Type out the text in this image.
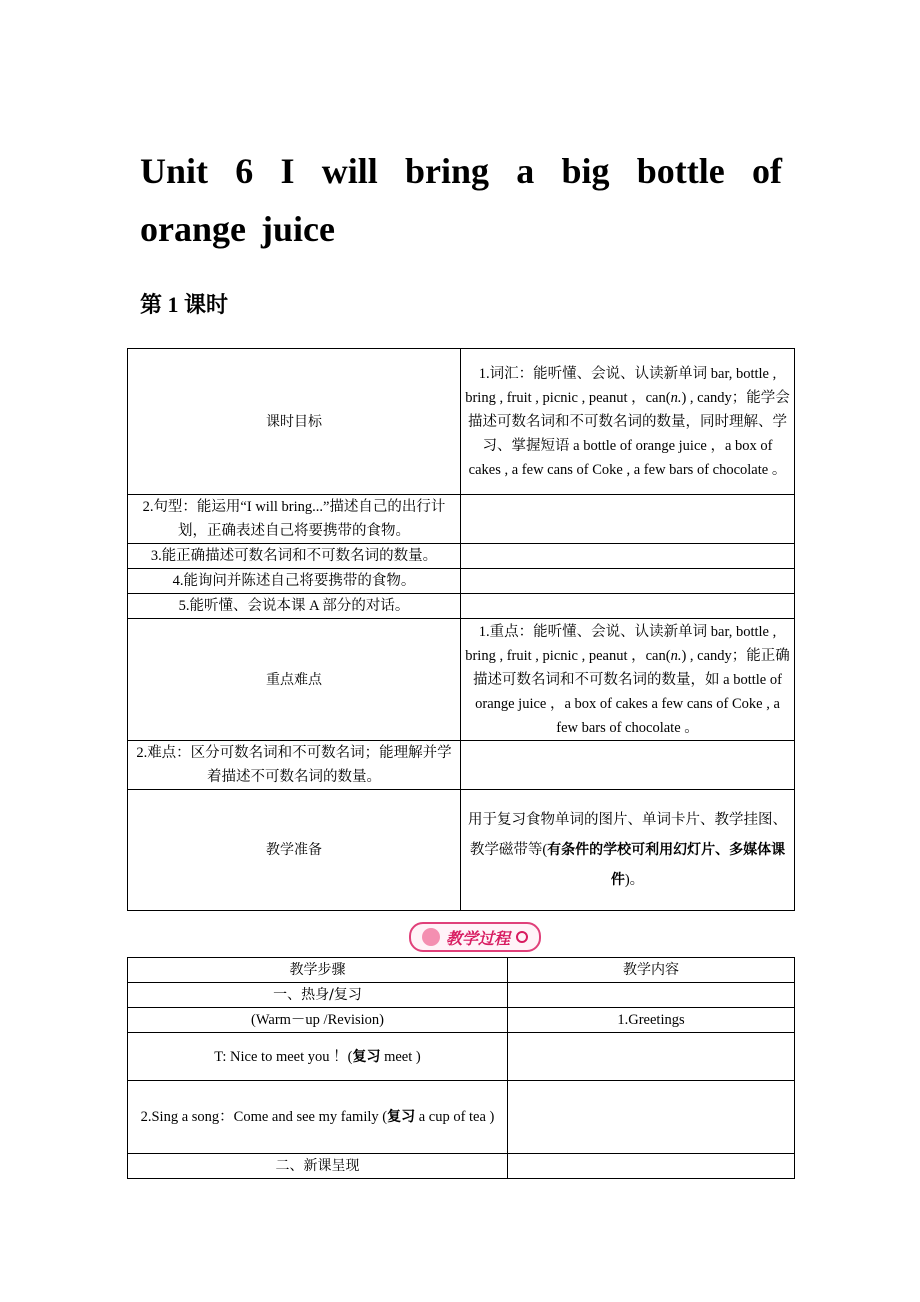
Unit 6 I will bring a big bottle of orange juice
第 1 课时
课时目标	1.词汇：能听懂、会说、认读新单词 bar, bottle , bring , fruit , picnic , peanut ，can(n.) , candy；能学会描述可数名词和不可数名词的数量，同时理解、学习、掌握短语 a bottle of orange juice ，a box of cakes , a few cans of Coke , a few bars of chocolate 。
2.句型：能运用“I will bring...”描述自己的出行计划，正确表述自己将要携带的食物。	
3.能正确描述可数名词和不可数名词的数量。	
4.能询问并陈述自己将要携带的食物。	
5.能听懂、会说本课 A 部分的对话。	
重点难点	1.重点：能听懂、会说、认读新单词 bar, bottle , bring , fruit , picnic , peanut ，can(n.) , candy；能正确描述可数名词和不可数名词的数量，如 a bottle of orange juice ，a box of cakes a few cans of Coke , a few bars of chocolate 。
2.难点：区分可数名词和不可数名词；能理解并学着描述不可数名词的数量。	
教学准备	用于复习食物单词的图片、单词卡片、教学挂图、教学磁带等(有条件的学校可利用幻灯片、多媒体课件)。
教学过程
教学步骤	教学内容
一、热身/复习	
(Warm－up /Revision)	1.Greetings
T: Nice to meet you ！(复习 meet )	
2.Sing a song：Come and see my family (复习 a cup of tea )	
二、新课呈现	
